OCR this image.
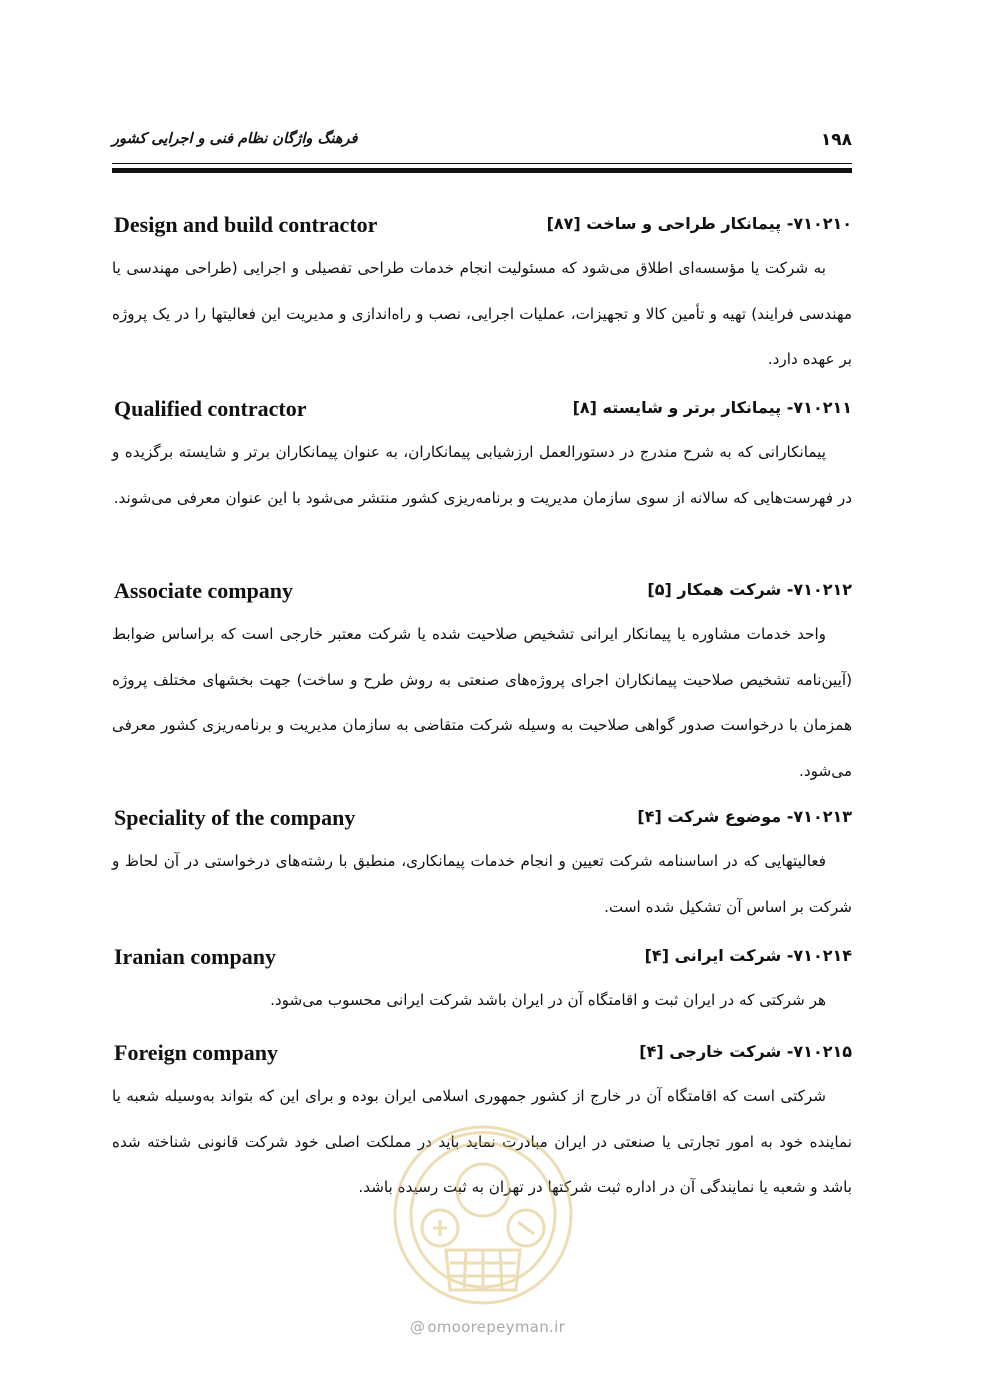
فرهنگ واژگان نظام فنی و اجرایی کشور	۱۹۸
Design and build contractor	۷۱۰۲۱۰- پیمانکار طراحی و ساخت [۸۷]

به شرکت یا مؤسسه‌ای اطلاق می‌شود که مسئولیت انجام خدمات طراحی تفصیلی و اجرایی (طراحی مهندسی یا مهندسی فرایند) تهیه و تأمین کالا و تجهیزات، عملیات اجرایی، نصب و راه‌اندازی و مدیریت این فعالیتها را در یک پروژه بر عهده دارد.

Qualified contractor	۷۱۰۲۱۱- پیمانکار برتر و شایسته [۸]

پیمانکارانی که به شرح مندرج در دستورالعمل ارزشیابی پیمانکاران، به عنوان پیمانکاران برتر و شایسته برگزیده و در فهرست‌هایی که سالانه از سوی سازمان مدیریت و برنامه‌ریزی کشور منتشر می‌شود با این عنوان معرفی می‌شوند.

Associate company	۷۱۰۲۱۲- شرکت همکار [۵]

واحد خدمات مشاوره یا پیمانکار ایرانی تشخیص صلاحیت شده یا شرکت معتبر خارجی است که براساس ضوابط (آیین‌نامه تشخیص صلاحیت پیمانکاران اجرای پروژه‌های صنعتی به روش طرح و ساخت) جهت بخشهای مختلف پروژه همزمان با درخواست صدور گواهی صلاحیت به وسیله شرکت متقاضی به سازمان مدیریت و برنامه‌ریزی کشور معرفی می‌شود.

Speciality of the company	۷۱۰۲۱۳- موضوع شرکت [۴]

فعالیتهایی که در اساسنامه شرکت تعیین و انجام خدمات پیمانکاری، منطبق با رشته‌های درخواستی در آن لحاظ و شرکت بر اساس آن تشکیل شده است.

Iranian company	۷۱۰۲۱۴- شرکت ایرانی [۴]

هر شرکتی که در ایران ثبت و اقامتگاه آن در ایران باشد شرکت ایرانی محسوب می‌شود.

Foreign company	۷۱۰۲۱۵- شرکت خارجی [۴]

شرکتی است که اقامتگاه آن در خارج از کشور جمهوری اسلامی ایران بوده و برای این که بتواند به‌وسیله شعبه یا نماینده خود به امور تجارتی یا صنعتی در ایران مبادرت نماید باید در مملکت اصلی خود شرکت قانونی شناخته شده باشد و شعبه یا نمایندگی آن در اداره ثبت شرکتها در تهران به ثبت رسیده باشد.

@ omoorepeyman.ir
